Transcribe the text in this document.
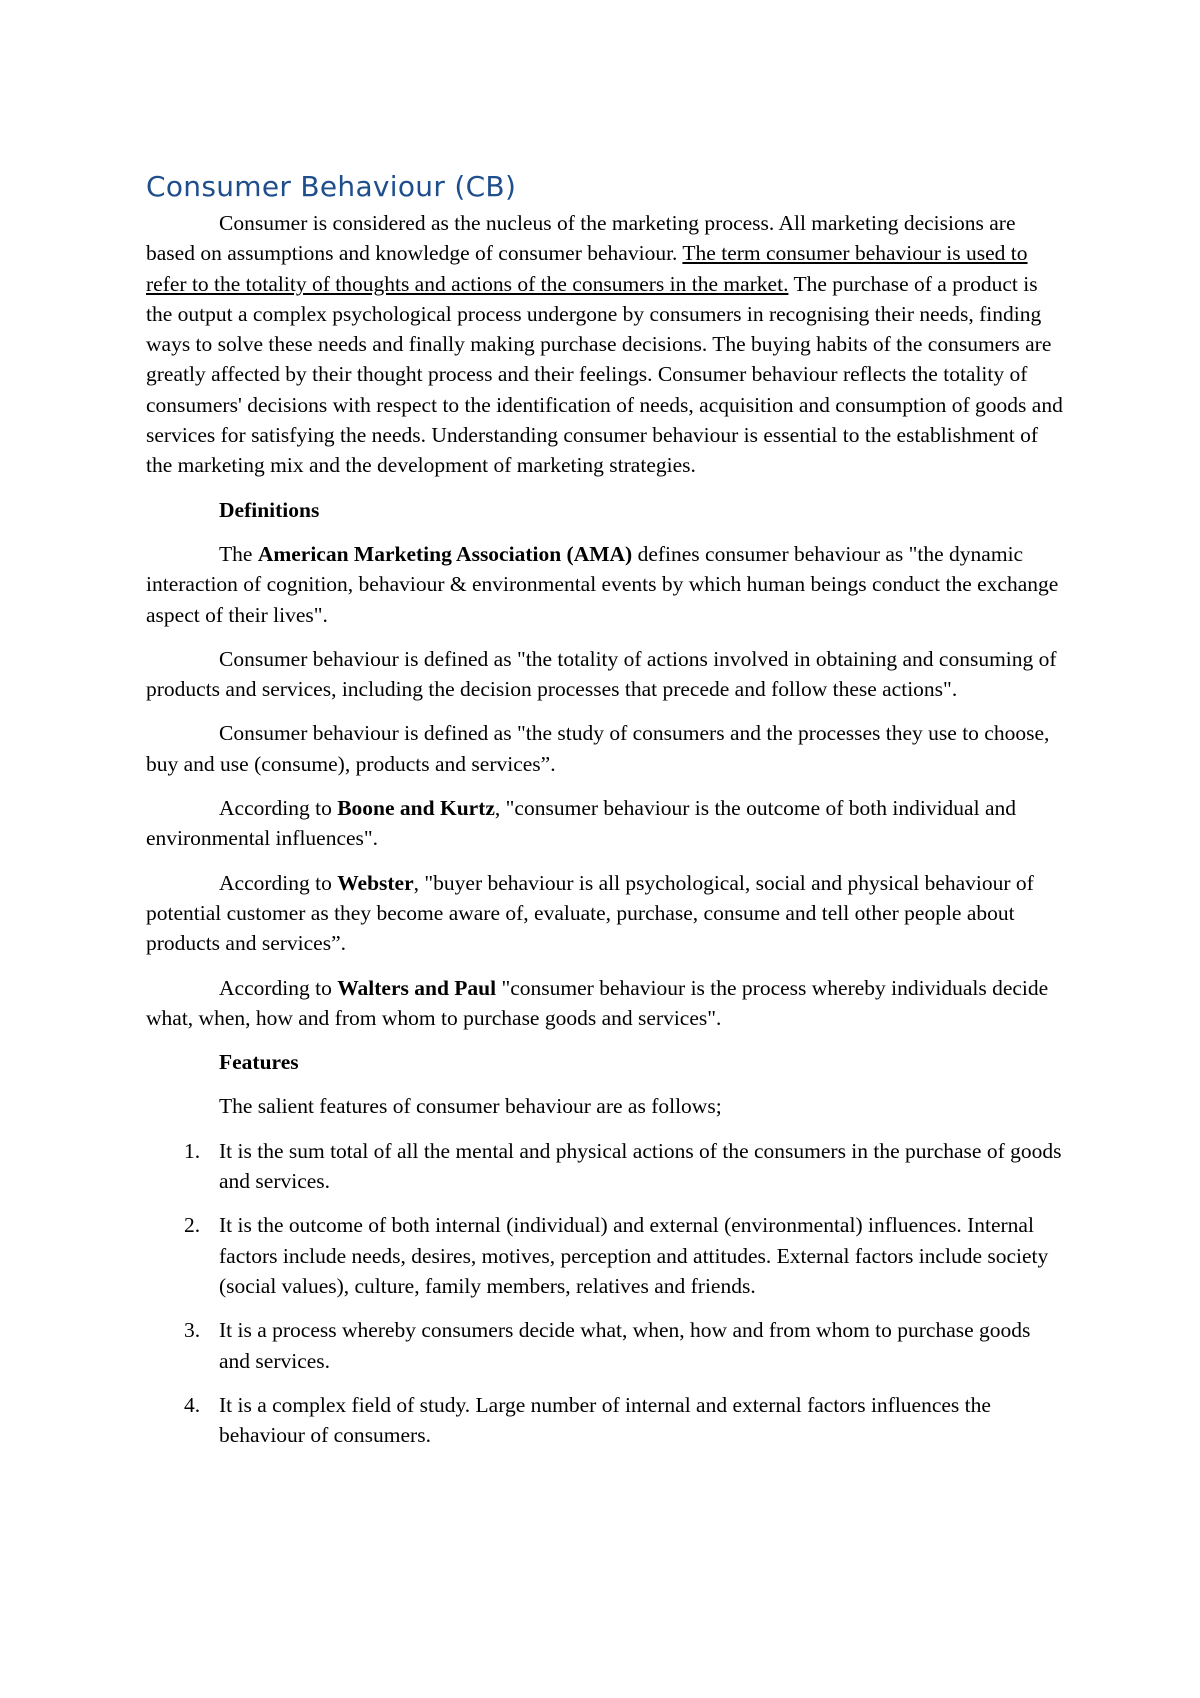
Consumer Behaviour (CB)

Consumer is considered as the nucleus of the marketing process. All marketing decisions are based on assumptions and knowledge of consumer behaviour. The term consumer behaviour is used to refer to the totality of thoughts and actions of the consumers in the market. The purchase of a product is the output a complex psychological process undergone by consumers in recognising their needs, finding ways to solve these needs and finally making purchase decisions. The buying habits of the consumers are greatly affected by their thought process and their feelings. Consumer behaviour reflects the totality of consumers' decisions with respect to the identification of needs, acquisition and consumption of goods and services for satisfying the needs. Understanding consumer behaviour is essential to the establishment of the marketing mix and the development of marketing strategies.

Definitions

The American Marketing Association (AMA) defines consumer behaviour as "the dynamic interaction of cognition, behaviour & environmental events by which human beings conduct the exchange aspect of their lives".

Consumer behaviour is defined as "the totality of actions involved in obtaining and consuming of products and services, including the decision processes that precede and follow these actions".

Consumer behaviour is defined as "the study of consumers and the processes they use to choose, buy and use (consume), products and services”.

According to Boone and Kurtz, "consumer behaviour is the outcome of both individual and environmental influences".

According to Webster, "buyer behaviour is all psychological, social and physical behaviour of potential customer as they become aware of, evaluate, purchase, consume and tell other people about products and services”.

According to Walters and Paul "consumer behaviour is the process whereby individuals decide what, when, how and from whom to purchase goods and services".

Features

The salient features of consumer behaviour are as follows;

1. It is the sum total of all the mental and physical actions of the consumers in the purchase of goods and services.
2. It is the outcome of both internal (individual) and external (environmental) influences. Internal factors include needs, desires, motives, perception and attitudes. External factors include society (social values), culture, family members, relatives and friends.
3. It is a process whereby consumers decide what, when, how and from whom to purchase goods and services.
4. It is a complex field of study. Large number of internal and external factors influences the behaviour of consumers.
